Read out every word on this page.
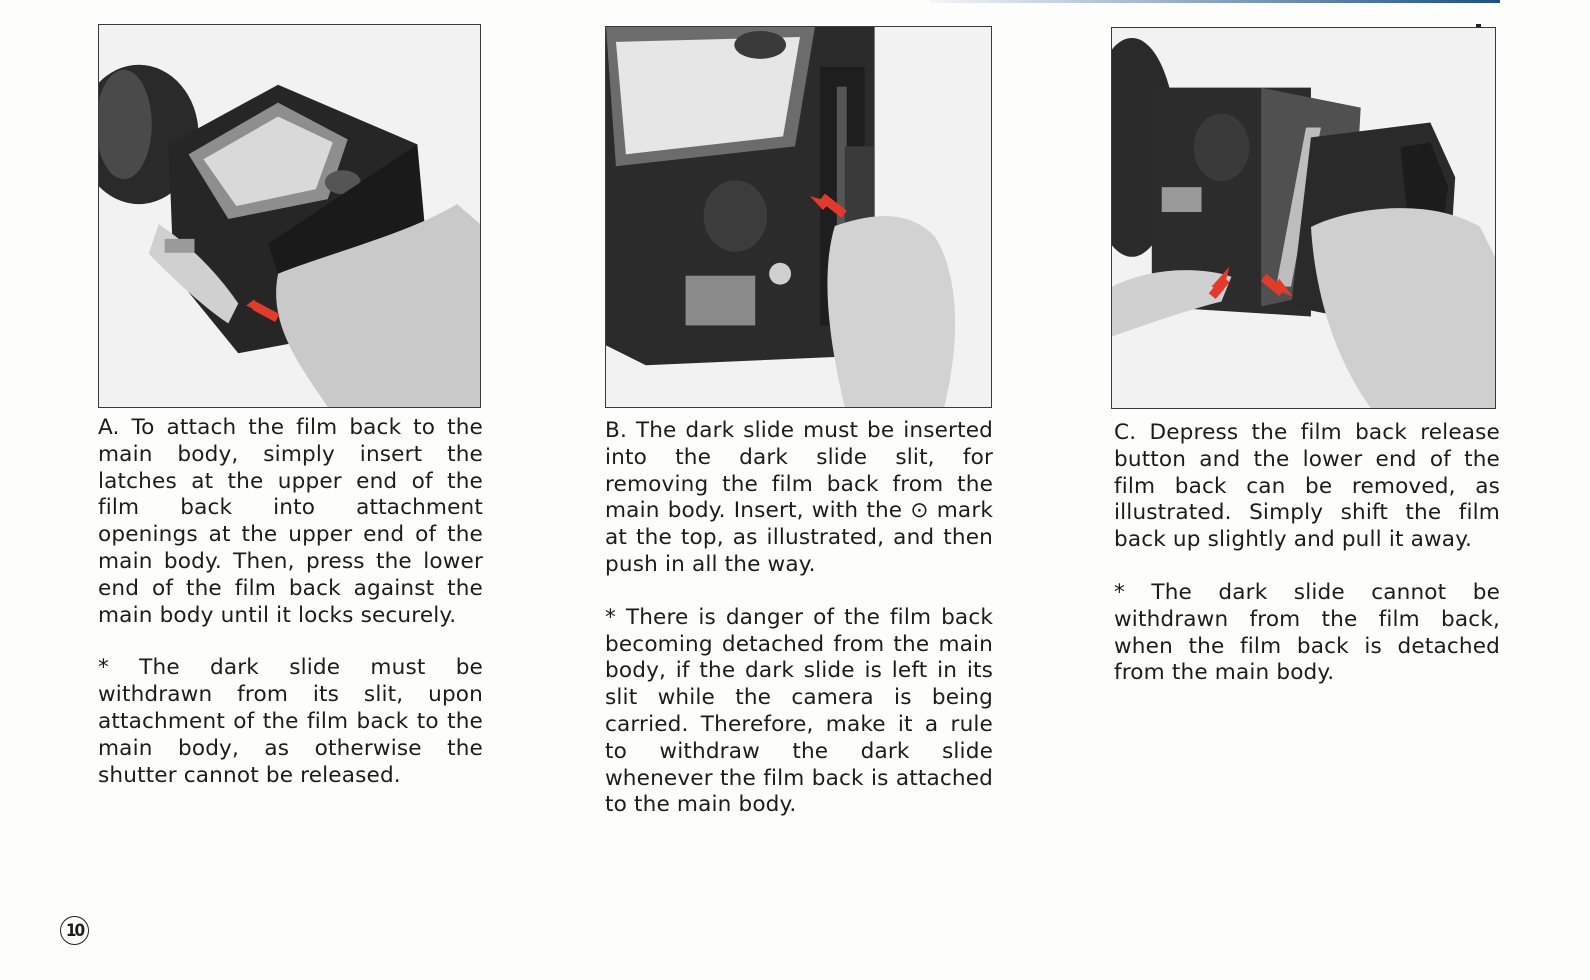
A. To attach the film back to the main body, simply insert the latches at the upper end of the film back into attachment openings at the upper end of the main body. Then, press the lower end of the film back against the main body until it locks securely.

* The dark slide must be withdrawn from its slit, upon attachment of the film back to the main body, as otherwise the shutter cannot be released.

B. The dark slide must be inserted into the dark slide slit, for removing the film back from the main body. Insert, with the ⊙ mark at the top, as illustrated, and then push in all the way.

* There is danger of the film back becoming detached from the main body, if the dark slide is left in its slit while the camera is being carried. Therefore, make it a rule to withdraw the dark slide whenever the film back is attached to the main body.

C. Depress the film back release button and the lower end of the film back can be removed, as illustrated. Simply shift the film back up slightly and pull it away.

* The dark slide cannot be withdrawn from the film back, when the film back is detached from the main body.

10
